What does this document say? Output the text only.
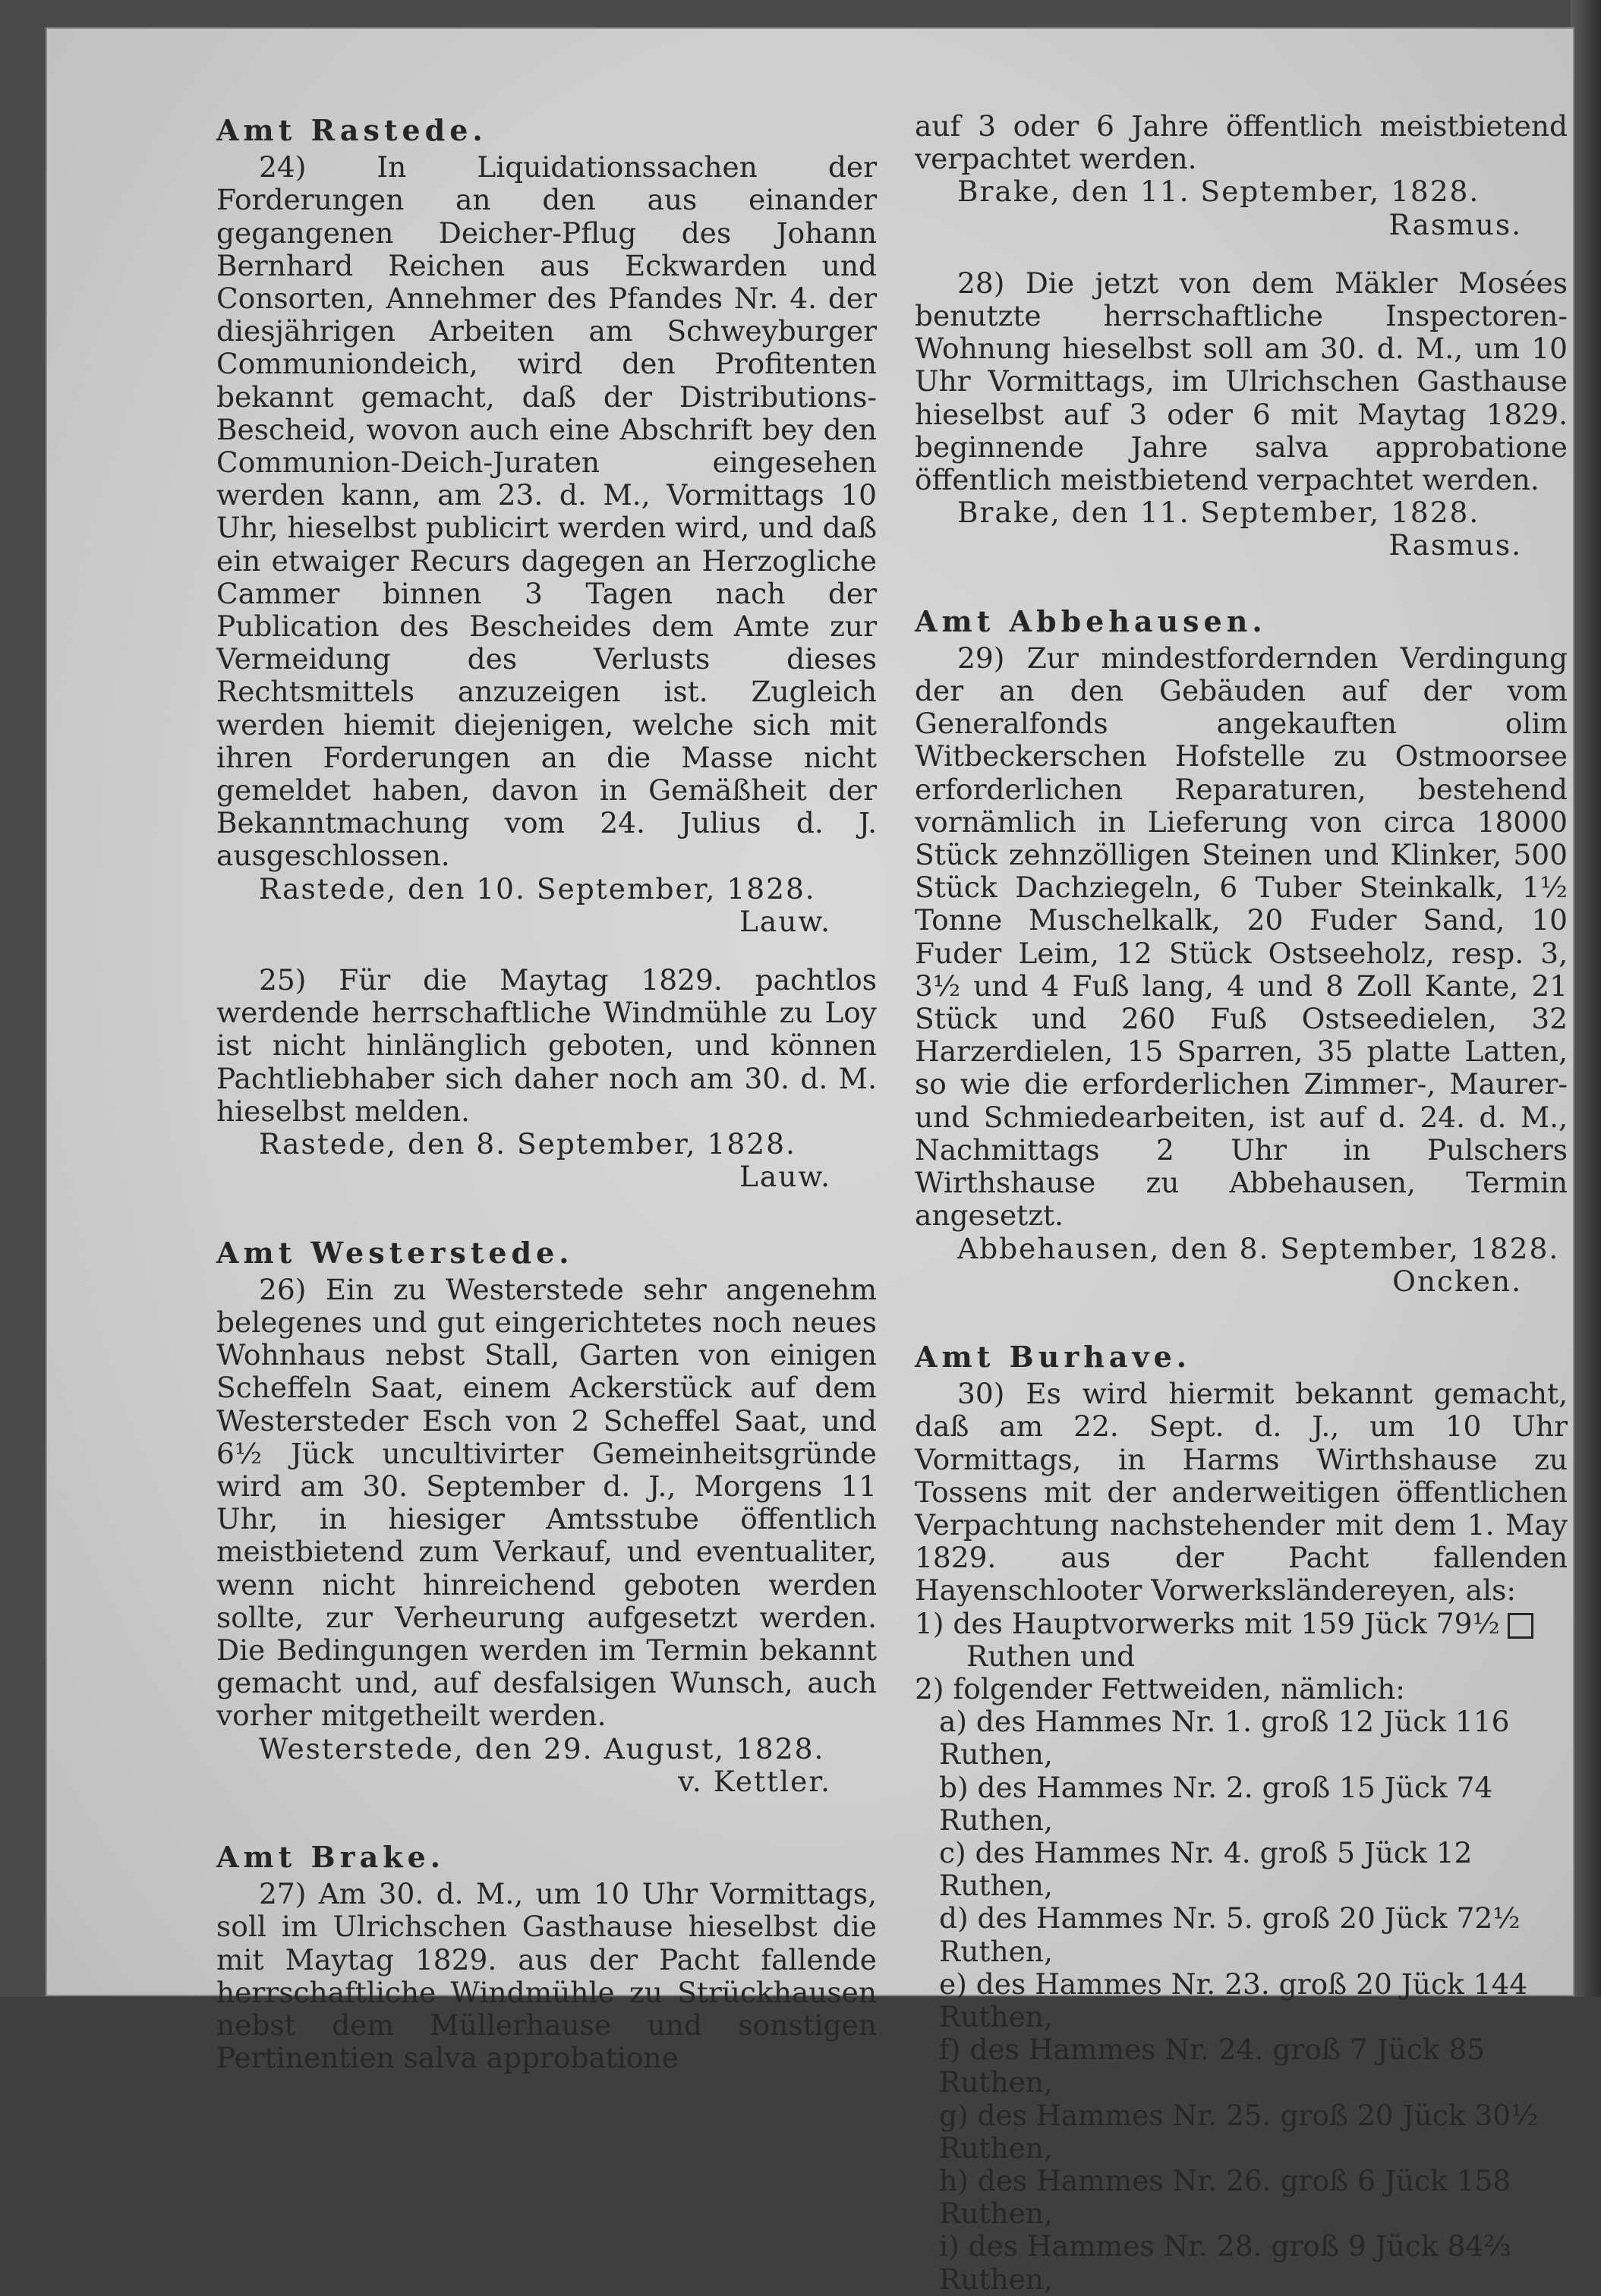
Amt Rastede.

24) In Liquidationssachen der Forderungen an den aus einander gegangenen Deicher-Pflug des Johann Bernhard Reichen aus Eckwarden und Consorten, Annehmer des Pfandes Nr. 4. der diesjährigen Arbeiten am Schweyburger Communiondeich, wird den Profitenten bekannt gemacht, daß der Distributions-Bescheid, wovon auch eine Abschrift bey den Communion-Deich-Juraten eingesehen werden kann, am 23. d. M., Vormittags 10 Uhr, hieselbst publicirt werden wird, und daß ein etwaiger Recurs dagegen an Herzogliche Cammer binnen 3 Tagen nach der Publication des Bescheides dem Amte zur Vermeidung des Verlusts dieses Rechtsmittels anzuzeigen ist. Zugleich werden hiemit diejenigen, welche sich mit ihren Forderungen an die Masse nicht gemeldet haben, davon in Gemäßheit der Bekanntmachung vom 24. Julius d. J. ausgeschlossen.

Rastede, den 10. September, 1828.

Lauw.

25) Für die Maytag 1829. pachtlos werdende herrschaftliche Windmühle zu Loy ist nicht hinlänglich geboten, und können Pachtliebhaber sich daher noch am 30. d. M. hieselbst melden.

Rastede, den 8. September, 1828.

Lauw.

Amt Westerstede.

26) Ein zu Westerstede sehr angenehm belegenes und gut eingerichtetes noch neues Wohnhaus nebst Stall, Garten von einigen Scheffeln Saat, einem Ackerstück auf dem Westersteder Esch von 2 Scheffel Saat, und 6½ Jück uncultivirter Gemeinheitsgründe wird am 30. September d. J., Morgens 11 Uhr, in hiesiger Amtsstube öffentlich meistbietend zum Verkauf, und eventualiter, wenn nicht hinreichend geboten werden sollte, zur Verheurung aufgesetzt werden. Die Bedingungen werden im Termin bekannt gemacht und, auf desfalsigen Wunsch, auch vorher mitgetheilt werden.

Westerstede, den 29. August, 1828.

v. Kettler.

Amt Brake.

27) Am 30. d. M., um 10 Uhr Vormittags, soll im Ulrichschen Gasthause hieselbst die mit Maytag 1829. aus der Pacht fallende herrschaftliche Windmühle zu Strückhausen nebst dem Müllerhause und sonstigen Pertinentien salva approbatione

auf 3 oder 6 Jahre öffentlich meistbietend verpachtet werden.

Brake, den 11. September, 1828.

Rasmus.

28) Die jetzt von dem Mäkler Mosées benutzte herrschaftliche Inspectoren-Wohnung hieselbst soll am 30. d. M., um 10 Uhr Vormittags, im Ulrichschen Gasthause hieselbst auf 3 oder 6 mit Maytag 1829. beginnende Jahre salva approbatione öffentlich meistbietend verpachtet werden.

Brake, den 11. September, 1828.

Rasmus.

Amt Abbehausen.

29) Zur mindestfordernden Verdingung der an den Gebäuden auf der vom Generalfonds angekauften olim Witbeckerschen Hofstelle zu Ostmoorsee erforderlichen Reparaturen, bestehend vornämlich in Lieferung von circa 18000 Stück zehnzölligen Steinen und Klinker, 500 Stück Dachziegeln, 6 Tuber Steinkalk, 1½ Tonne Muschelkalk, 20 Fuder Sand, 10 Fuder Leim, 12 Stück Ostseeholz, resp. 3, 3½ und 4 Fuß lang, 4 und 8 Zoll Kante, 21 Stück und 260 Fuß Ostseedielen, 32 Harzerdielen, 15 Sparren, 35 platte Latten, so wie die erforderlichen Zimmer-, Maurer- und Schmiedearbeiten, ist auf d. 24. d. M., Nachmittags 2 Uhr in Pulschers Wirthshause zu Abbehausen, Termin angesetzt.

Abbehausen, den 8. September, 1828.

Oncken.

Amt Burhave.

30) Es wird hiermit bekannt gemacht, daß am 22. Sept. d. J., um 10 Uhr Vormittags, in Harms Wirthshause zu Tossens mit der anderweitigen öffentlichen Verpachtung nachstehender mit dem 1. May 1829. aus der Pacht fallenden Hayenschlooter Vorwerksländereyen, als:

1) des Hauptvorwerks mit 159 Jück 79½
Ruthen und
2) folgender Fettweiden, nämlich:
a) des Hammes Nr. 1. groß 12 Jück 116 Ruthen,
b) des Hammes Nr. 2. groß 15 Jück 74 Ruthen,
c) des Hammes Nr. 4. groß 5 Jück 12 Ruthen,
d) des Hammes Nr. 5. groß 20 Jück 72½ Ruthen,
e) des Hammes Nr. 23. groß 20 Jück 144 Ruthen,
f) des Hammes Nr. 24. groß 7 Jück 85 Ruthen,
g) des Hammes Nr. 25. groß 20 Jück 30½ Ruthen,
h) des Hammes Nr. 26. groß 6 Jück 158 Ruthen,
i) des Hammes Nr. 28. groß 9 Jück 84⅔ Ruthen,
